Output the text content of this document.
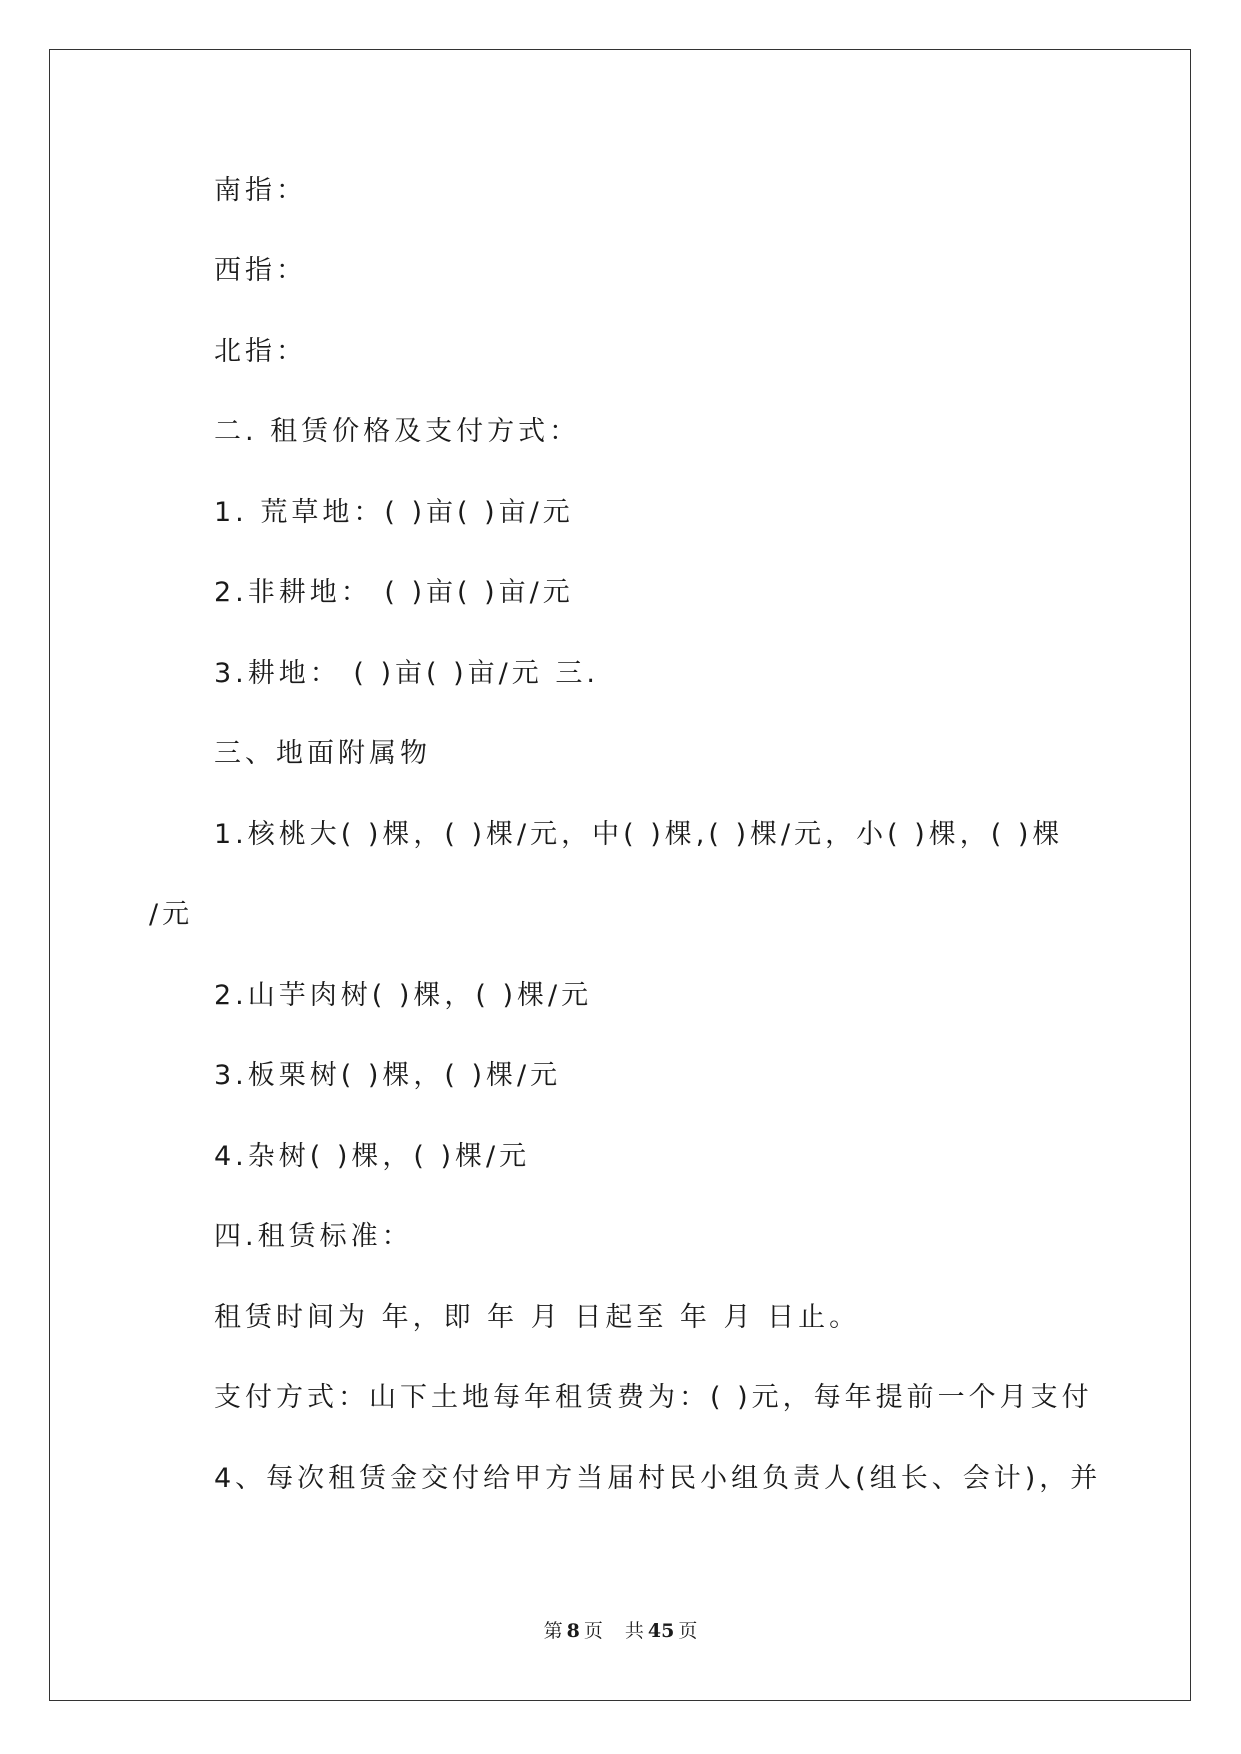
南指：
西指：
北指：
二. 租赁价格及支付方式：
1. 荒草地：( )亩( )亩/元
2.非耕地： ( )亩( )亩/元
3.耕地： ( )亩( )亩/元 三.
三、地面附属物
1.核桃大( )棵，( )棵/元，中( )棵,( )棵/元，小( )棵，( )棵
/元
2.山芋肉树( )棵，( )棵/元
3.板栗树( )棵，( )棵/元
4.杂树( )棵，( )棵/元
四.租赁标准：
租赁时间为 年，即 年 月 日起至 年 月 日止。
支付方式：山下土地每年租赁费为：( )元，每年提前一个月支付
4、每次租赁金交付给甲方当届村民小组负责人(组长、会计)，并
第 8 页 共 45 页
